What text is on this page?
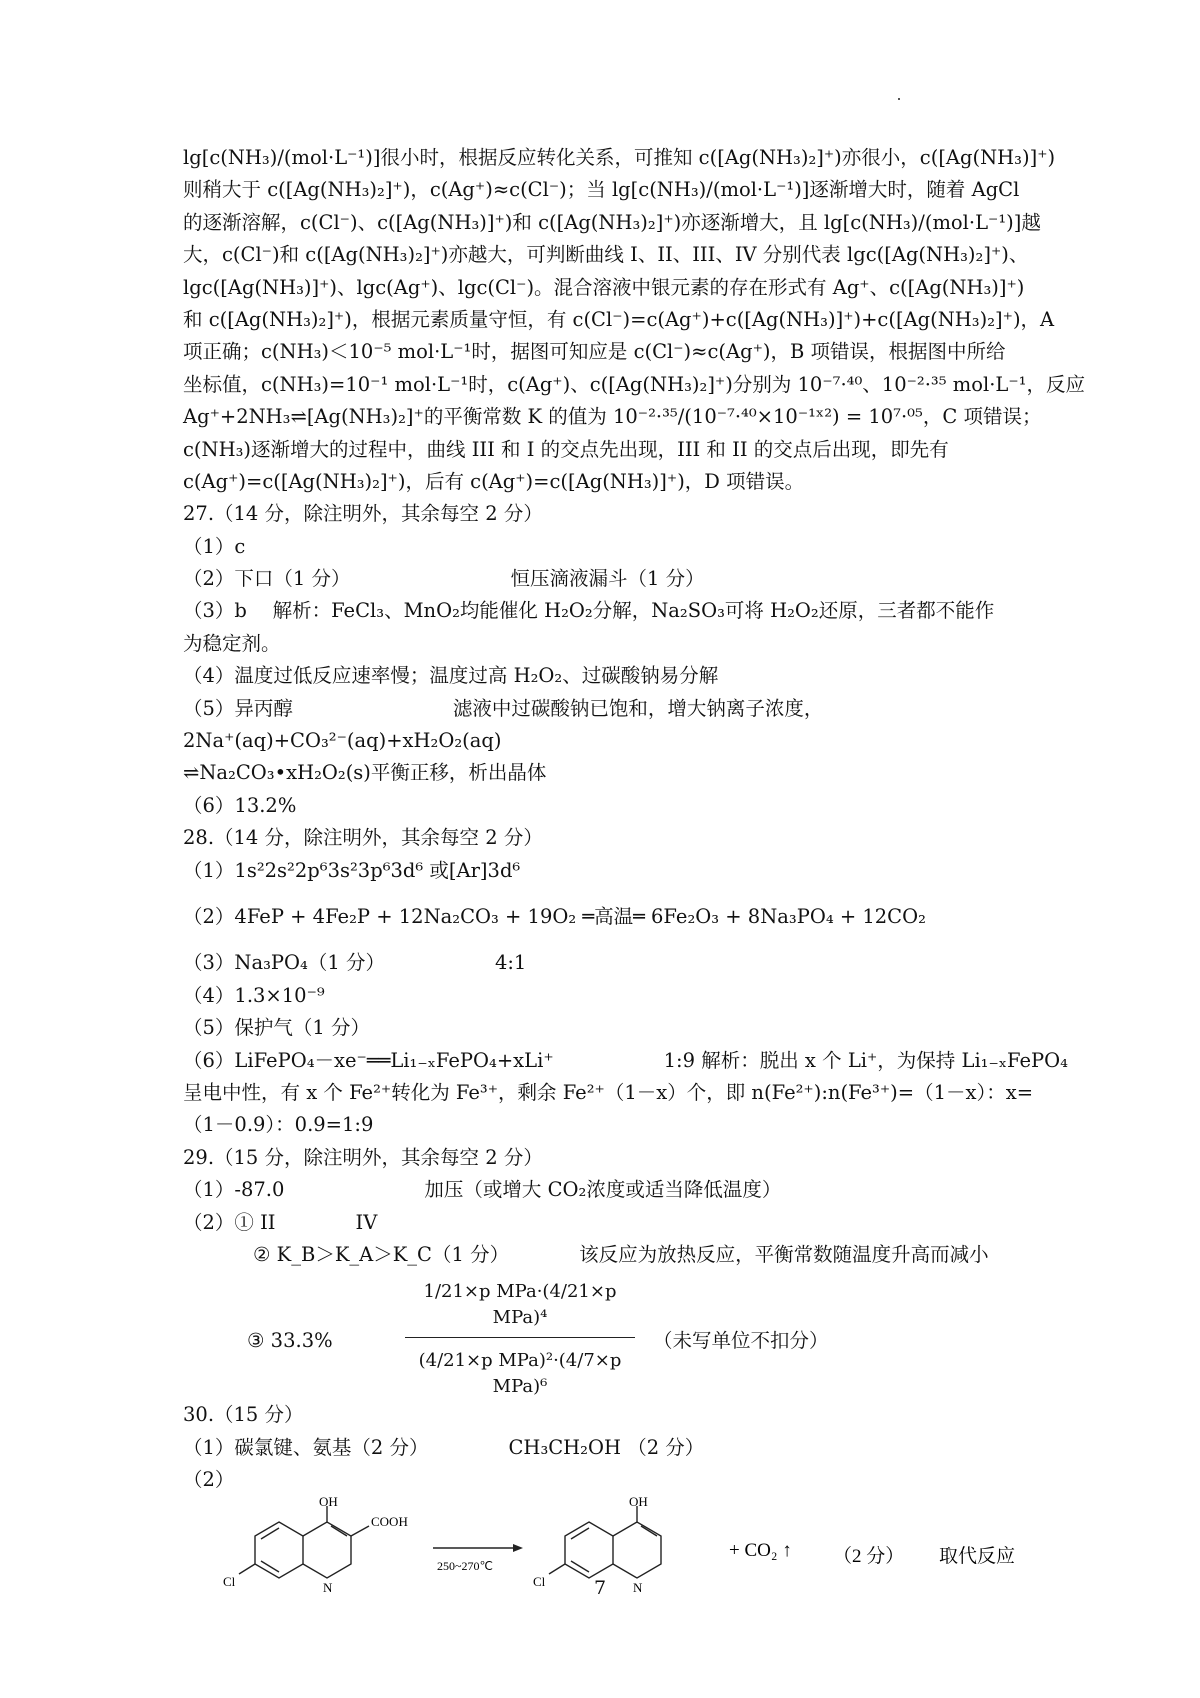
lg[c(NH₃)/(mol·L⁻¹)]很小时，根据反应转化关系，可推知 c([Ag(NH₃)₂]⁺)亦很小，c([Ag(NH₃)]⁺)
则稍大于 c([Ag(NH₃)₂]⁺)，c(Ag⁺)≈c(Cl⁻)；当 lg[c(NH₃)/(mol·L⁻¹)]逐渐增大时，随着 AgCl
的逐渐溶解，c(Cl⁻)、c([Ag(NH₃)]⁺)和 c([Ag(NH₃)₂]⁺)亦逐渐增大，且 lg[c(NH₃)/(mol·L⁻¹)]越
大，c(Cl⁻)和 c([Ag(NH₃)₂]⁺)亦越大，可判断曲线 I、II、III、IV 分别代表 lgc([Ag(NH₃)₂]⁺)、
lgc([Ag(NH₃)]⁺)、lgc(Ag⁺)、lgc(Cl⁻)。混合溶液中银元素的存在形式有 Ag⁺、c([Ag(NH₃)]⁺)
和 c([Ag(NH₃)₂]⁺)，根据元素质量守恒，有 c(Cl⁻)=c(Ag⁺)+c([Ag(NH₃)]⁺)+c([Ag(NH₃)₂]⁺)，A
项正确；c(NH₃)＜10⁻⁵ mol·L⁻¹时，据图可知应是 c(Cl⁻)≈c(Ag⁺)，B 项错误，根据图中所给
坐标值，c(NH₃)=10⁻¹ mol·L⁻¹时，c(Ag⁺)、c([Ag(NH₃)₂]⁺)分别为 10⁻⁷·⁴⁰、10⁻²·³⁵ mol·L⁻¹，反应
Ag⁺+2NH₃⇌[Ag(NH₃)₂]⁺的平衡常数 K 的值为 10⁻²·³⁵/(10⁻⁷·⁴⁰×10⁻¹ˣ²) = 10⁷·⁰⁵，C 项错误；
c(NH₃)逐渐增大的过程中，曲线 III 和 I 的交点先出现，III 和 II 的交点后出现，即先有
c(Ag⁺)=c([Ag(NH₃)₂]⁺)，后有 c(Ag⁺)=c([Ag(NH₃)]⁺)，D 项错误。
27.（14 分，除注明外，其余每空 2 分）
（1）c
（2）下口（1 分）	恒压滴液漏斗（1 分）
（3）b　 解析：FeCl₃、MnO₂均能催化 H₂O₂分解，Na₂SO₃可将 H₂O₂还原，三者都不能作
为稳定剂。
（4）温度过低反应速率慢；温度过高 H₂O₂、过碳酸钠易分解
（5）异丙醇	滤液中过碳酸钠已饱和，增大钠离子浓度，
2Na⁺(aq)+CO₃²⁻(aq)+xH₂O₂(aq)
⇌Na₂CO₃•xH₂O₂(s)平衡正移，析出晶体
（6）13.2%
28.（14 分，除注明外，其余每空 2 分）
（1）1s²2s²2p⁶3s²3p⁶3d⁶ 或[Ar]3d⁶
（2）4FeP + 4Fe₂P + 12Na₂CO₃ + 19O₂ ═高温═ 6Fe₂O₃ + 8Na₃PO₄ + 12CO₂
（3）Na₃PO₄（1 分）	4:1
（4）1.3×10⁻⁹
（5）保护气（1 分）
（6）LiFePO₄－xe⁻══Li₁₋ₓFePO₄+xLi⁺	1:9 解析：脱出 x 个 Li⁺，为保持 Li₁₋ₓFePO₄
呈电中性，有 x 个 Fe²⁺转化为 Fe³⁺，剩余 Fe²⁺（1－x）个，即 n(Fe²⁺):n(Fe³⁺)=（1－x）：x=
（1－0.9）：0.9=1:9
29.（15 分，除注明外，其余每空 2 分）
（1）-87.0	加压（或增大 CO₂浓度或适当降低温度）
（2）① II	IV
② K_B＞K_A＞K_C（1 分）	该反应为放热反应，平衡常数随温度升高而减小
③ 33.3%
1/21×p MPa·(4/21×p MPa)⁴
(4/21×p MPa)²·(4/7×p MPa)⁶
（未写单位不扣分）
30.（15 分）
（1）碳氯键、氨基（2 分）	CH₃CH₂OH （2 分）
（2）
OH
COOH
Cl	N
250~270℃
OH
Cl	N
+ CO₂ ↑ （2 分） 取代反应
7
